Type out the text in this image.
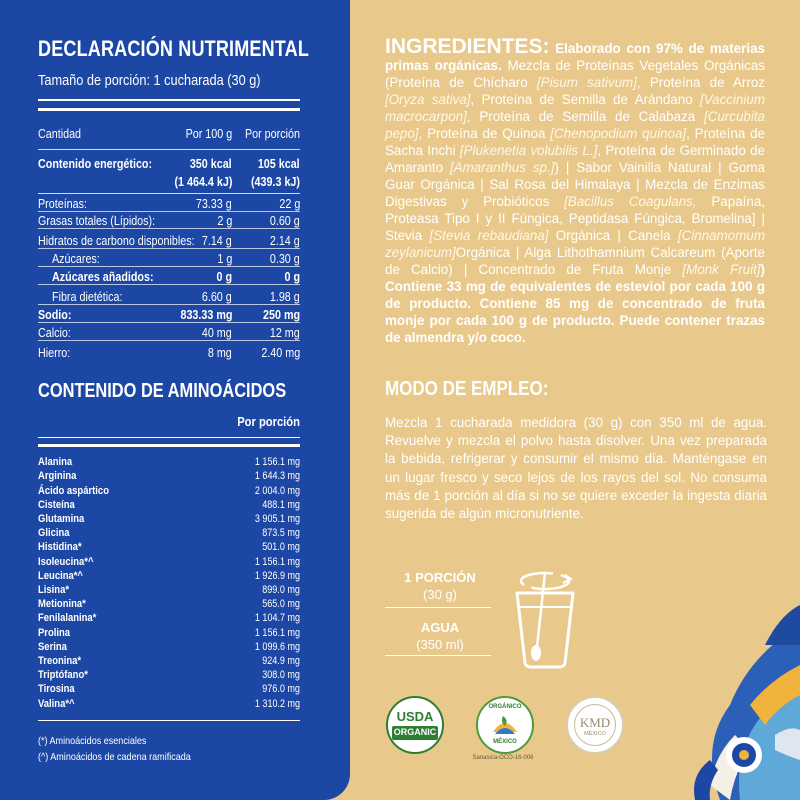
DECLARACIÓN NUTRIMENTAL
Tamaño de porción: 1 cucharada (30 g)
Cantidad	Por 100 g Por porción
Contenido energético:	350 kcal 105 kcal
(1 464.4 kJ) (439.3 kJ)
Proteínas:	73.33 g	22 g
Grasas totales (Lípidos):	2 g	0.60 g
Hidratos de carbono disponibles: 7.14 g	2.14 g
Azúcares:	1 g	0.30 g
Azúcares añadidos:	0 g	0 g
Fibra dietética:	6.60 g	1.98 g
Sodio:	833.33 mg 250 mg
Calcio:	40 mg	12 mg
Hierro:	8 mg 2.40 mg
CONTENIDO DE AMINOÁCIDOS
Por porción
Alanina	1 156.1 mg
Arginina	1 644.3 mg
Ácido aspártico	2 004.0 mg
Cisteína	488.1 mg
Glutamina	3 905.1 mg
Glicina	873.5 mg
Histidina*	501.0 mg
Isoleucina*^	1 156.1 mg
Leucina*^	1 926.9 mg
Lisina*	899.0 mg
Metionina*	565.0 mg
Fenilalanina*	1 104.7 mg
Prolina	1 156.1 mg
Serina	1 099.6 mg
Treonina*	924.9 mg
Triptófano*	308.0 mg
Tirosina	976.0 mg
Valina*^	1 310.2 mg
(*) Aminoácidos esenciales
(^) Aminoácidos de cadena ramificada
INGREDIENTES: Elaborado con 97% de materias primas orgánicas. Mezcla de Proteínas Vegetales Orgánicas (Proteína de Chícharo [Pisum sativum], Proteína de Arroz [Oryza sativa], Proteína de Semilla de Arándano [Vaccinium macrocarpon], Proteína de Semilla de Calabaza [Curcubita pepo], Proteína de Quinoa [Chenopodium quinoa], Proteína de Sacha Inchi [Plukenetia volubilis L.], Proteína de Germinado de Amaranto [Amaranthus sp.]) | Sabor Vainilla Natural | Goma Guar Orgánica | Sal Rosa del Himalaya | Mezcla de Enzimas Digestivas y Probióticos [Bacillus Coagulans, Papaína, Proteasa Tipo I y II Fúngica, Peptidasa Fúngica, Bromelina] | Stevia [Stevia rebaudiana] Orgánica | Canela [Cinnamomum zeylanicum]Orgánica | Alga Lithothamnium Calcareum (Aporte de Calcio) | Concentrado de Fruta Monje [Monk Fruit]) Contiene 33 mg de equivalentes de esteviol por cada 100 g de producto. Contiene 85 mg de concentrado de fruta monje por cada 100 g de producto. Puede contener trazas de almendra y/o coco.
MODO DE EMPLEO:
Mezcla 1 cucharada medidora (30 g) con 350 ml de agua. Revuelve y mezcla el polvo hasta disolver. Una vez preparada la bebida, refrigerar y consumir el mismo día. Manténgase en un lugar fresco y seco lejos de los rayos del sol. No consuma más de 1 porción al día si no se quiere exceder la ingesta diaria sugerida de algún micronutriente.
1 PORCIÓN
(30 g)
AGUA
(350 ml)
USDA
ORGANIC
ORGÁNICO
MÉXICO
Sanasica-OCO-16-006
KMD
MÉXICO
